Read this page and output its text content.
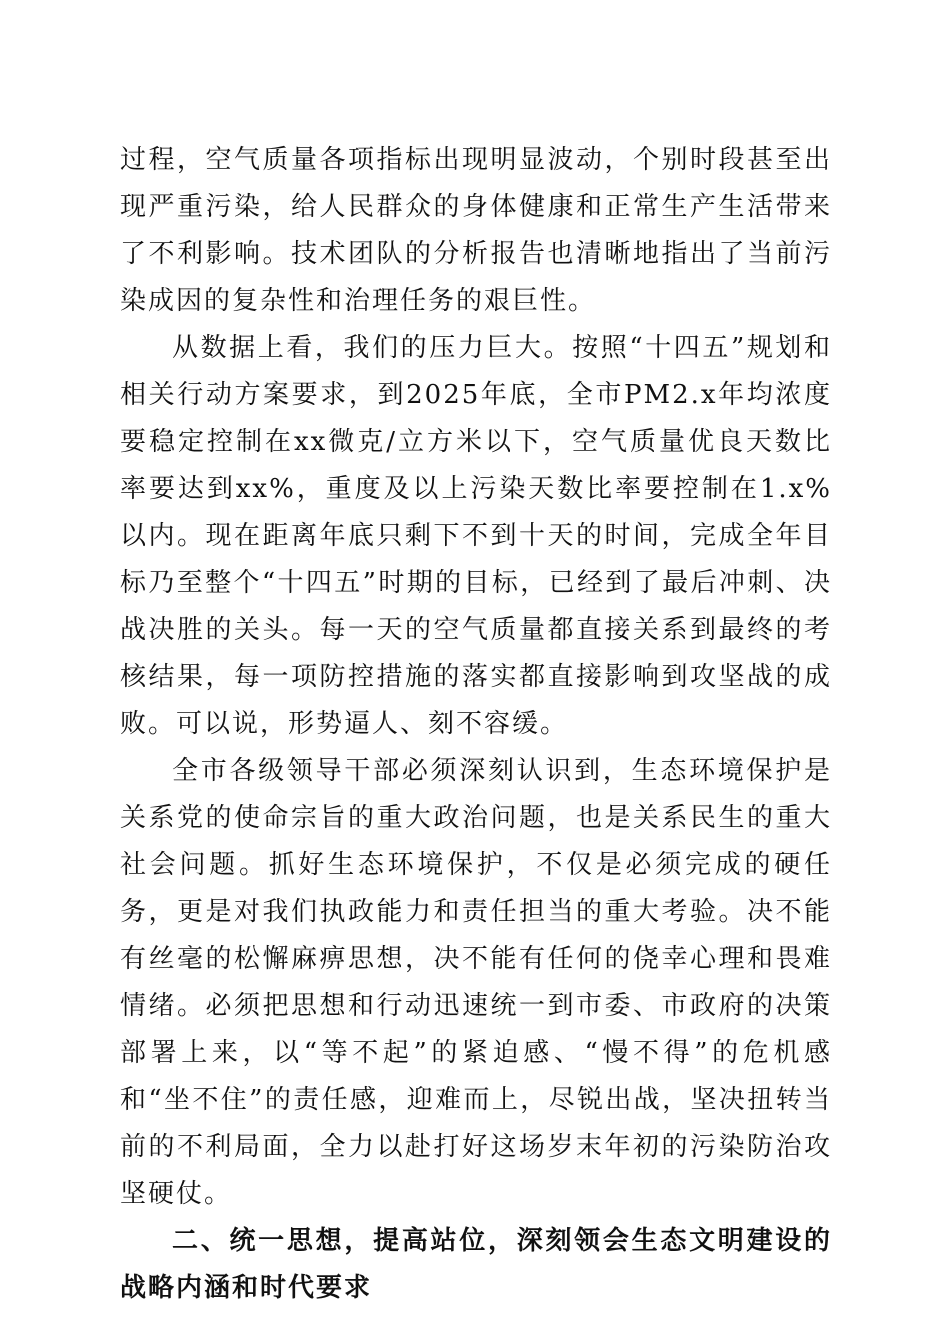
过程，空气质量各项指标出现明显波动，个别时段甚至出现严重污染，给人民群众的身体健康和正常生产生活带来了不利影响。技术团队的分析报告也清晰地指出了当前污染成因的复杂性和治理任务的艰巨性。

从数据上看，我们的压力巨大。按照“十四五”规划和相关行动方案要求，到2025年底，全市PM2.x年均浓度要稳定控制在xx微克/立方米以下，空气质量优良天数比率要达到xx%，重度及以上污染天数比率要控制在1.x%以内。现在距离年底只剩下不到十天的时间，完成全年目标乃至整个“十四五”时期的目标，已经到了最后冲刺、决战决胜的关头。每一天的空气质量都直接关系到最终的考核结果，每一项防控措施的落实都直接影响到攻坚战的成败。可以说，形势逼人、刻不容缓。

全市各级领导干部必须深刻认识到，生态环境保护是关系党的使命宗旨的重大政治问题，也是关系民生的重大社会问题。抓好生态环境保护，不仅是必须完成的硬任务，更是对我们执政能力和责任担当的重大考验。决不能有丝毫的松懈麻痹思想，决不能有任何的侥幸心理和畏难情绪。必须把思想和行动迅速统一到市委、市政府的决策部署上来，以“等不起”的紧迫感、“慢不得”的危机感和“坐不住”的责任感，迎难而上，尽锐出战，坚决扭转当前的不利局面，全力以赴打好这场岁末年初的污染防治攻坚硬仗。

二、统一思想，提高站位，深刻领会生态文明建设的战略内涵和时代要求
